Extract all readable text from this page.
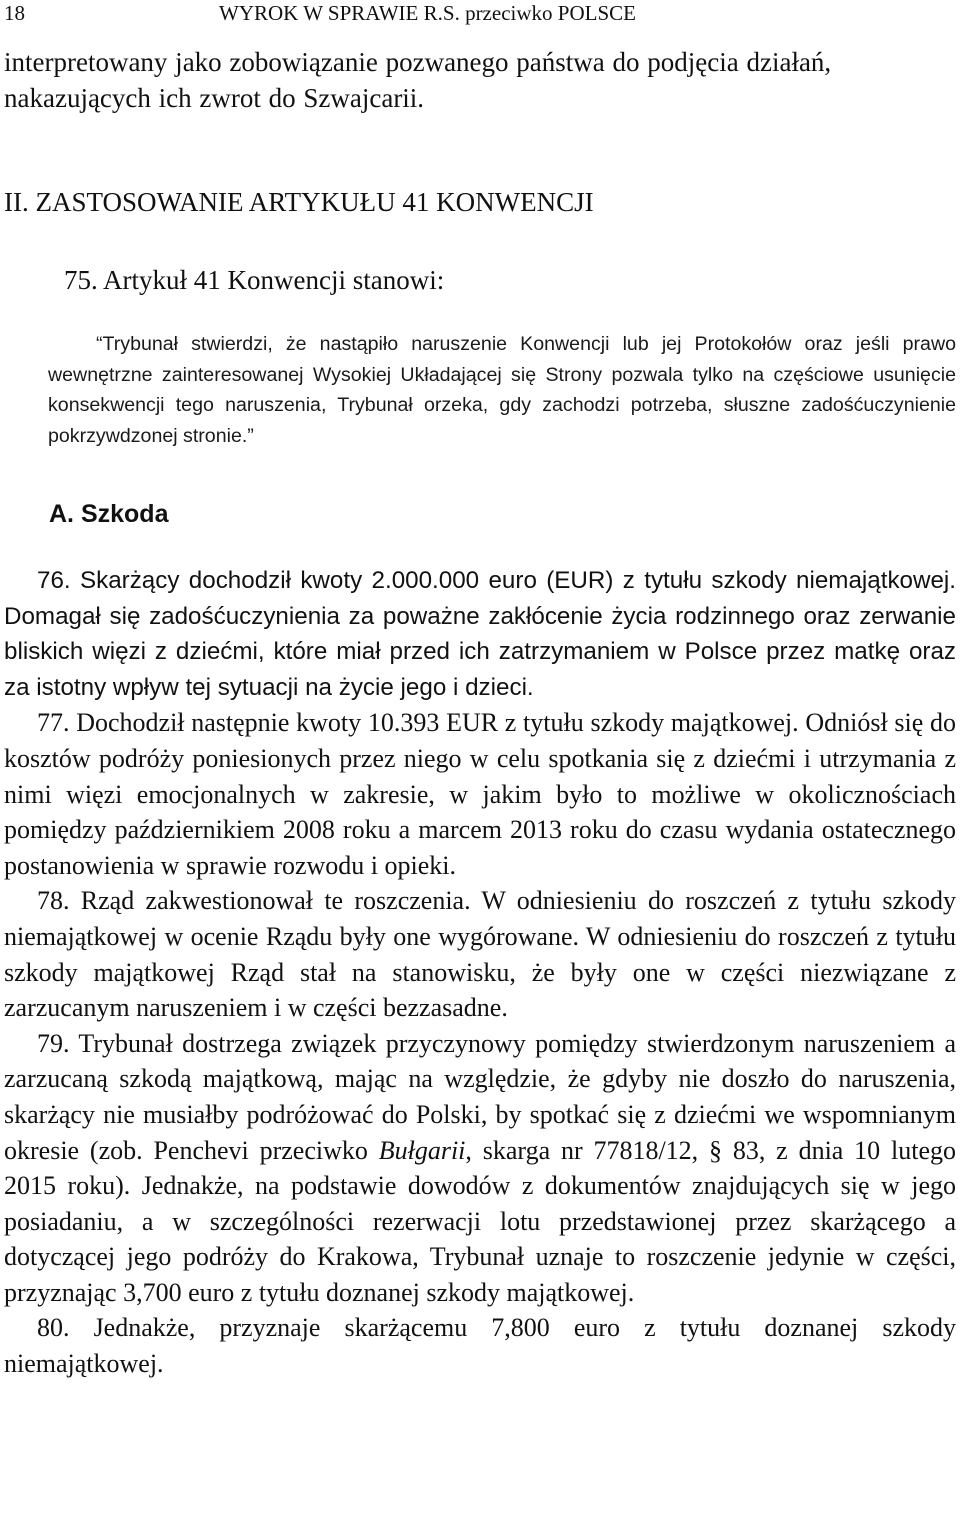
18	WYROK W SPRAWIE R.S. przeciwko POLSCE
interpretowany jako zobowiązanie pozwanego państwa do podjęcia działań, nakazujących ich zwrot do Szwajcarii.
II. ZASTOSOWANIE ARTYKUŁU 41 KONWENCJI
75. Artykuł 41 Konwencji stanowi:
“Trybunał stwierdzi, że nastąpiło naruszenie Konwencji lub jej Protokołów oraz jeśli prawo wewnętrzne zainteresowanej Wysokiej Układającej się Strony pozwala tylko na częściowe usunięcie konsekwencji tego naruszenia, Trybunał orzeka, gdy zachodzi potrzeba, słuszne zadośćuczynienie pokrzywdzonej stronie.”
A. Szkoda

76. Skarżący dochodził kwoty 2.000.000 euro (EUR) z tytułu szkody niemajątkowej. Domagał się zadośćuczynienia za poważne zakłócenie życia rodzinnego oraz zerwanie bliskich więzi z dziećmi, które miał przed ich zatrzymaniem w Polsce przez matkę oraz za istotny wpływ tej sytuacji na życie jego i dzieci.

77. Dochodził następnie kwoty 10.393 EUR z tytułu szkody majątkowej. Odniósł się do kosztów podróży poniesionych przez niego w celu spotkania się z dziećmi i utrzymania z nimi więzi emocjonalnych w zakresie, w jakim było to możliwe w okolicznościach pomiędzy październikiem 2008 roku a marcem 2013 roku do czasu wydania ostatecznego postanowienia w sprawie rozwodu i opieki.

78. Rząd zakwestionował te roszczenia. W odniesieniu do roszczeń z tytułu szkody niemajątkowej w ocenie Rządu były one wygórowane. W odniesieniu do roszczeń z tytułu szkody majątkowej Rząd stał na stanowisku, że były one w części niezwiązane z zarzucanym naruszeniem i w części bezzasadne.

79. Trybunał dostrzega związek przyczynowy pomiędzy stwierdzonym naruszeniem a zarzucaną szkodą majątkową, mając na względzie, że gdyby nie doszło do naruszenia, skarżący nie musiałby podróżować do Polski, by spotkać się z dziećmi we wspomnianym okresie (zob. Penchevi przeciwko Bułgarii, skarga nr 77818/12, § 83, z dnia 10 lutego 2015 roku). Jednakże, na podstawie dowodów z dokumentów znajdujących się w jego posiadaniu, a w szczególności rezerwacji lotu przedstawionej przez skarżącego a dotyczącej jego podróży do Krakowa, Trybunał uznaje to roszczenie jedynie w części, przyznając 3,700 euro z tytułu doznanej szkody majątkowej.

80. Jednakże, przyznaje skarżącemu 7,800 euro z tytułu doznanej szkody niemajątkowej.
